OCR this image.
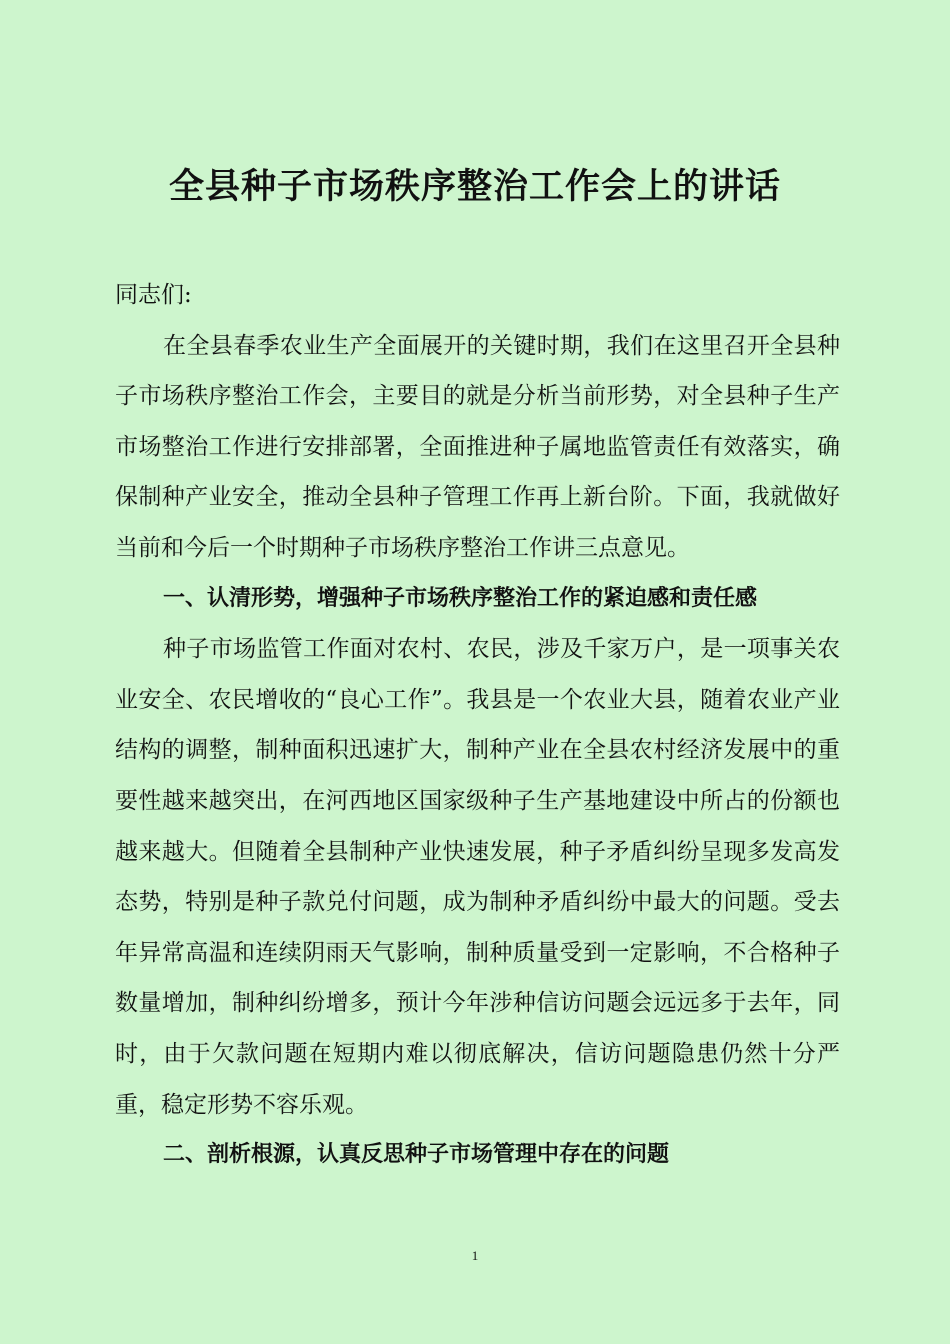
全县种子市场秩序整治工作会上的讲话

同志们:

在全县春季农业生产全面展开的关键时期，我们在这里召开全县种子市场秩序整治工作会，主要目的就是分析当前形势，对全县种子生产市场整治工作进行安排部署，全面推进种子属地监管责任有效落实，确保制种产业安全，推动全县种子管理工作再上新台阶。下面，我就做好当前和今后一个时期种子市场秩序整治工作讲三点意见。

一、认清形势，增强种子市场秩序整治工作的紧迫感和责任感

种子市场监管工作面对农村、农民，涉及千家万户，是一项事关农业安全、农民增收的“良心工作”。我县是一个农业大县，随着农业产业结构的调整，制种面积迅速扩大，制种产业在全县农村经济发展中的重要性越来越突出，在河西地区国家级种子生产基地建设中所占的份额也越来越大。但随着全县制种产业快速发展，种子矛盾纠纷呈现多发高发态势，特别是种子款兑付问题，成为制种矛盾纠纷中最大的问题。受去年异常高温和连续阴雨天气影响，制种质量受到一定影响，不合格种子数量增加，制种纠纷增多，预计今年涉种信访问题会远远多于去年，同时，由于欠款问题在短期内难以彻底解决，信访问题隐患仍然十分严重，稳定形势不容乐观。

二、剖析根源，认真反思种子市场管理中存在的问题

1
